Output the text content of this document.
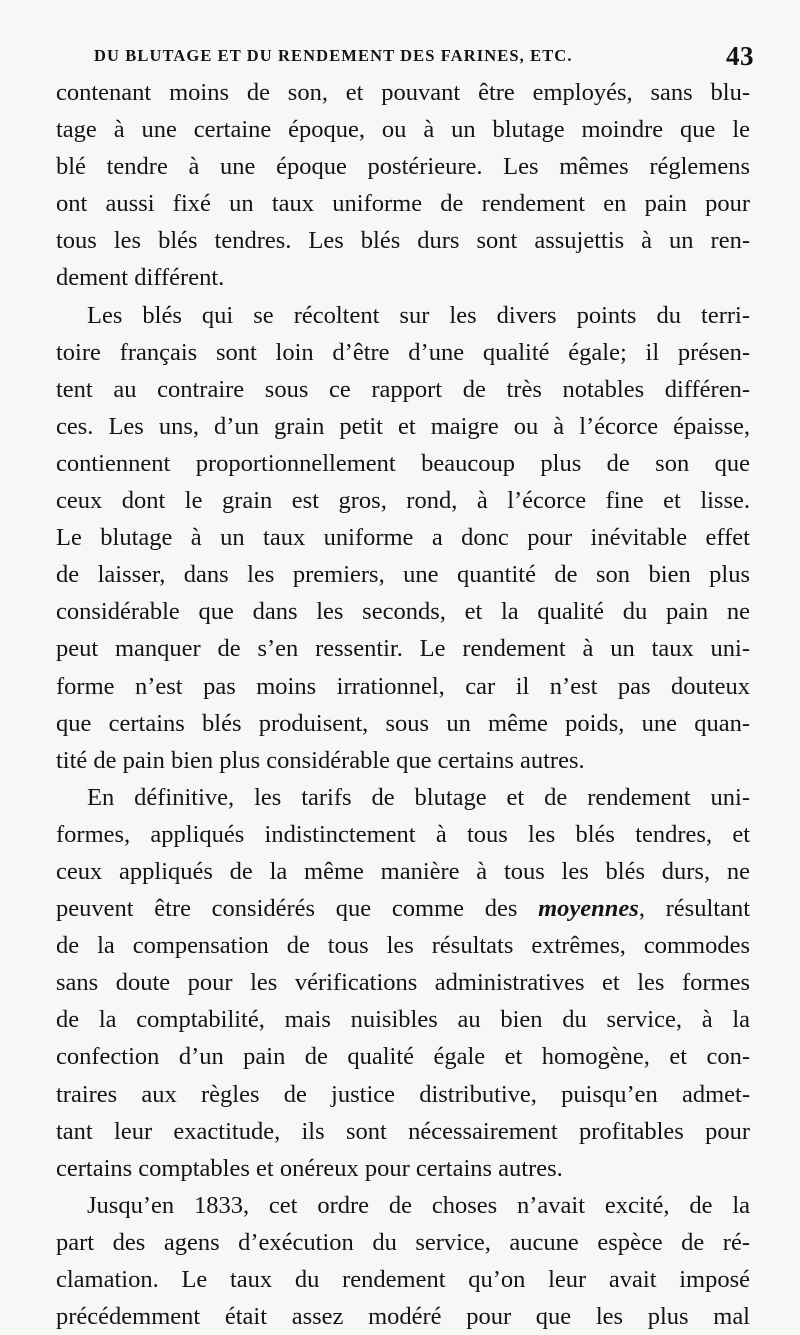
DU BLUTAGE ET DU RENDEMENT DES FARINES, ETC.	43
contenant moins de son, et pouvant être employés, sans blu-
tage à une certaine époque, ou à un blutage moindre que le
blé tendre à une époque postérieure. Les mêmes réglemens
ont aussi fixé un taux uniforme de rendement en pain pour
tous les blés tendres. Les blés durs sont assujettis à un ren-
dement différent.
Les blés qui se récoltent sur les divers points du terri-
toire français sont loin d’être d’une qualité égale; il présen-
tent au contraire sous ce rapport de très notables différen-
ces. Les uns, d’un grain petit et maigre ou à l’écorce épaisse,
contiennent proportionnellement beaucoup plus de son que
ceux dont le grain est gros, rond, à l’écorce fine et lisse.
Le blutage à un taux uniforme a donc pour inévitable effet
de laisser, dans les premiers, une quantité de son bien plus
considérable que dans les seconds, et la qualité du pain ne
peut manquer de s’en ressentir. Le rendement à un taux uni-
forme n’est pas moins irrationnel, car il n’est pas douteux
que certains blés produisent, sous un même poids, une quan-
tité de pain bien plus considérable que certains autres.
En définitive, les tarifs de blutage et de rendement uni-
formes, appliqués indistinctement à tous les blés tendres, et
ceux appliqués de la même manière à tous les blés durs, ne
peuvent être considérés que comme des moyennes, résultant
de la compensation de tous les résultats extrêmes, commodes
sans doute pour les vérifications administratives et les formes
de la comptabilité, mais nuisibles au bien du service, à la
confection d’un pain de qualité égale et homogène, et con-
traires aux règles de justice distributive, puisqu’en admet-
tant leur exactitude, ils sont nécessairement profitables pour
certains comptables et onéreux pour certains autres.
Jusqu’en 1833, cet ordre de choses n’avait excité, de la
part des agens d’exécution du service, aucune espèce de ré-
clamation. Le taux du rendement qu’on leur avait imposé
précédemment était assez modéré pour que les plus mal
